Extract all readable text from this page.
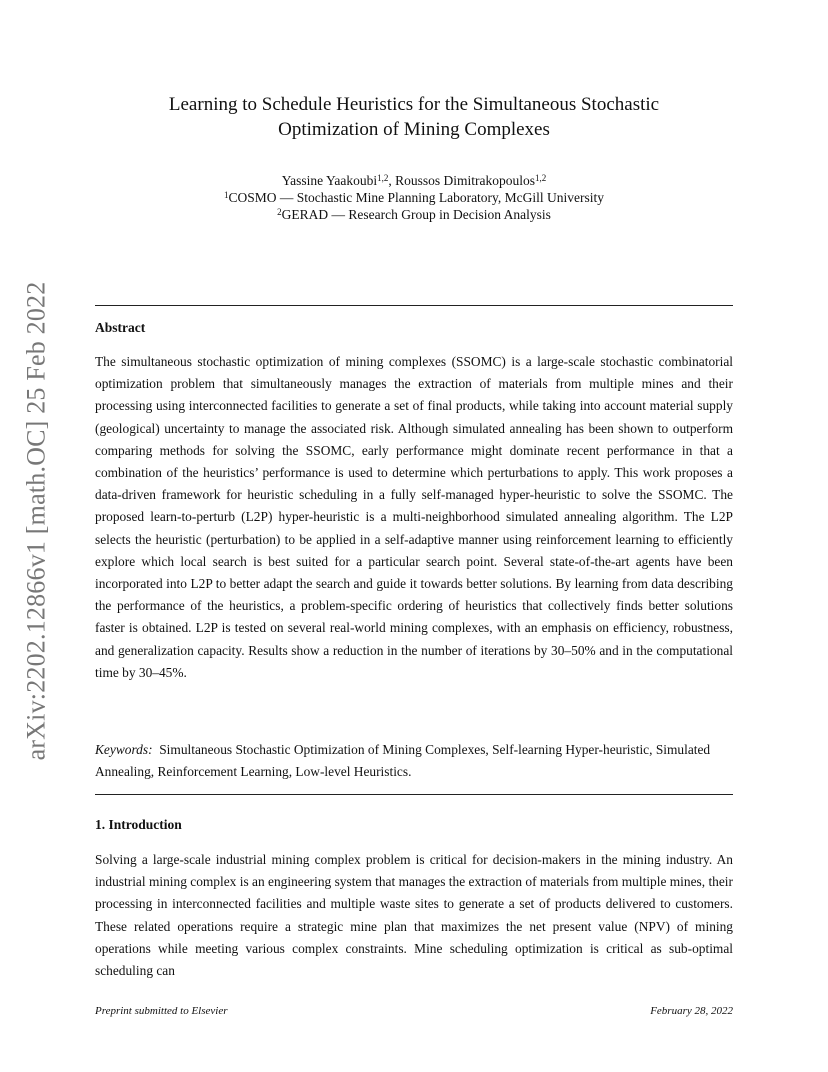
arXiv:2202.12866v1 [math.OC] 25 Feb 2022
Learning to Schedule Heuristics for the Simultaneous Stochastic
Optimization of Mining Complexes
Yassine Yaakoubi$^{1,2}$, Roussos Dimitrakopoulos$^{1,2}$
$^1$COSMO — Stochastic Mine Planning Laboratory, McGill University
$^2$GERAD — Research Group in Decision Analysis
Abstract

The simultaneous stochastic optimization of mining complexes (SSOMC) is a large-scale stochastic combinatorial optimization problem that simultaneously manages the extraction of materials from multiple mines and their processing using interconnected facilities to generate a set of final products, while taking into account material supply (geological) uncertainty to manage the associated risk. Although simulated annealing has been shown to outperform comparing methods for solving the SSOMC, early performance might dominate recent performance in that a combination of the heuristics’ performance is used to determine which perturbations to apply. This work proposes a data-driven framework for heuristic scheduling in a fully self-managed hyper-heuristic to solve the SSOMC. The proposed learn-to-perturb (L2P) hyper-heuristic is a multi-neighborhood simulated annealing algorithm. The L2P selects the heuristic (perturbation) to be applied in a self-adaptive manner using reinforcement learning to efficiently explore which local search is best suited for a particular search point. Several state-of-the-art agents have been incorporated into L2P to better adapt the search and guide it towards better solutions. By learning from data describing the performance of the heuristics, a problem-specific ordering of heuristics that collectively finds better solutions faster is obtained. L2P is tested on several real-world mining complexes, with an emphasis on efficiency, robustness, and generalization capacity. Results show a reduction in the number of iterations by 30–50% and in the computational time by 30–45%.

Keywords: Simultaneous Stochastic Optimization of Mining Complexes, Self-learning Hyper-heuristic, Simulated Annealing, Reinforcement Learning, Low-level Heuristics.
1. Introduction

Solving a large-scale industrial mining complex problem is critical for decision-makers in the mining industry. An industrial mining complex is an engineering system that manages the extraction of materials from multiple mines, their processing in interconnected facilities and multiple waste sites to generate a set of products delivered to customers. These related operations require a strategic mine plan that maximizes the net present value (NPV) of mining operations while meeting various complex constraints. Mine scheduling optimization is critical as sub-optimal scheduling can

Preprint submitted to Elsevier	February 28, 2022
